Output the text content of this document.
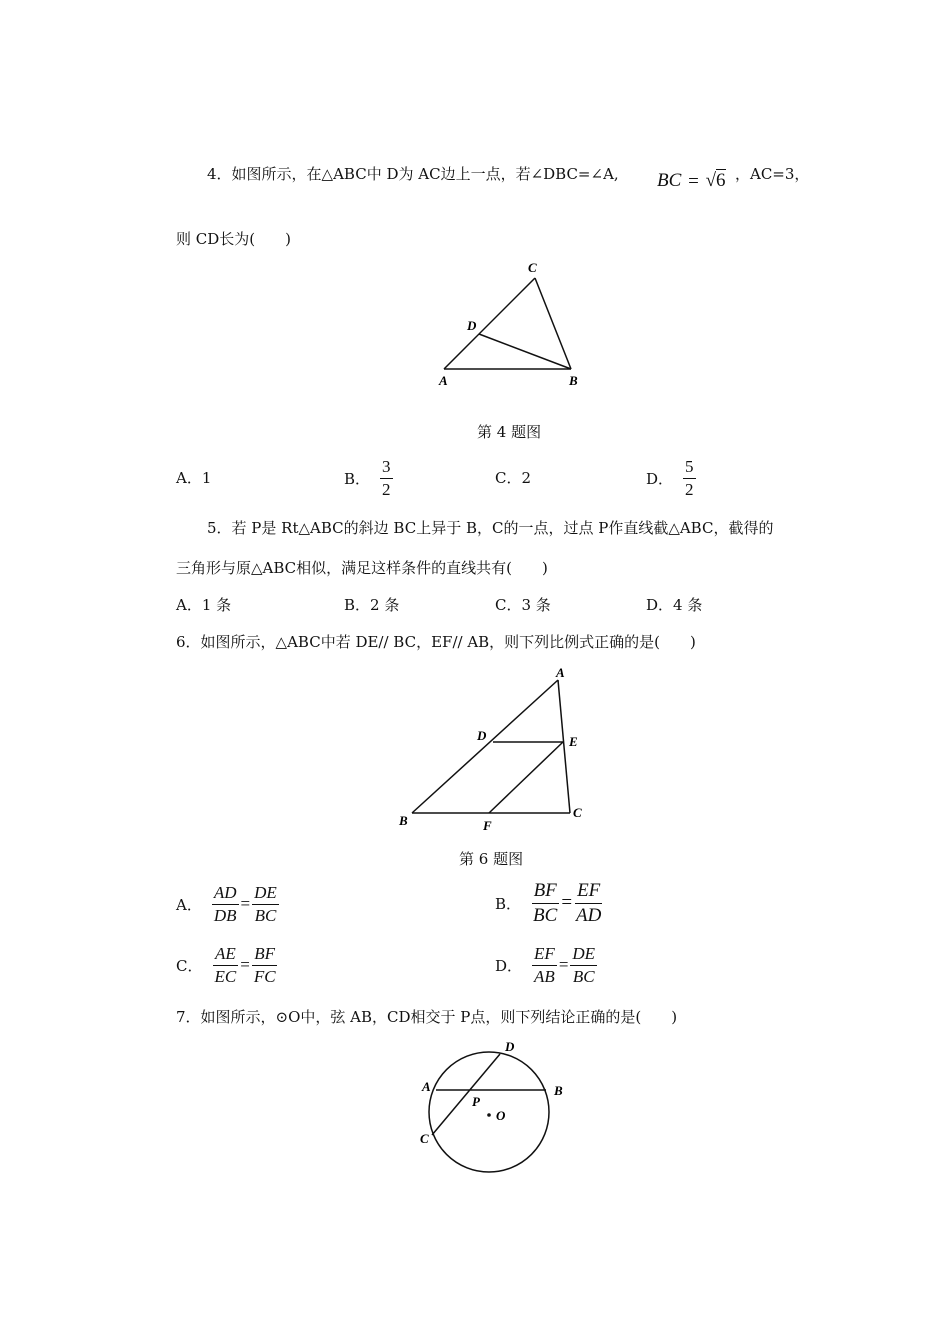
4．如图所示，在△ABC中 D为 AC边上一点，若∠DBC=∠A, BC = √6 ，AC=3，
则 CD长为(　　)
C
D
A	B
第 4 题图
A．1	B． $\frac{3}{2}$	C．2	D． $\frac{5}{2}$
5．若 P是 Rt△ABC的斜边 BC上异于 B，C的一点，过点 P作直线截△ABC，截得的
三角形与原△ABC相似，满足这样条件的直线共有(　　)
A．1 条	B．2 条	C．3 条	D．4 条
6．如图所示，△ABC中若 DE// BC，EF// AB，则下列比例式正确的是(　　)
A
D	E
B	F
C
第 6 题图
A． $\frac{AD}{DB} = \frac{DE}{BC}$	B． $\frac{BF}{BC} = \frac{EF}{AD}$
C． $\frac{AE}{EC} = \frac{BF}{FC}$	D． $\frac{EF}{AB} = \frac{DE}{BC}$
7．如图所示，⊙O中，弦 AB，CD相交于 P点，则下列结论正确的是(　　)
D
A	B
P
O
C
